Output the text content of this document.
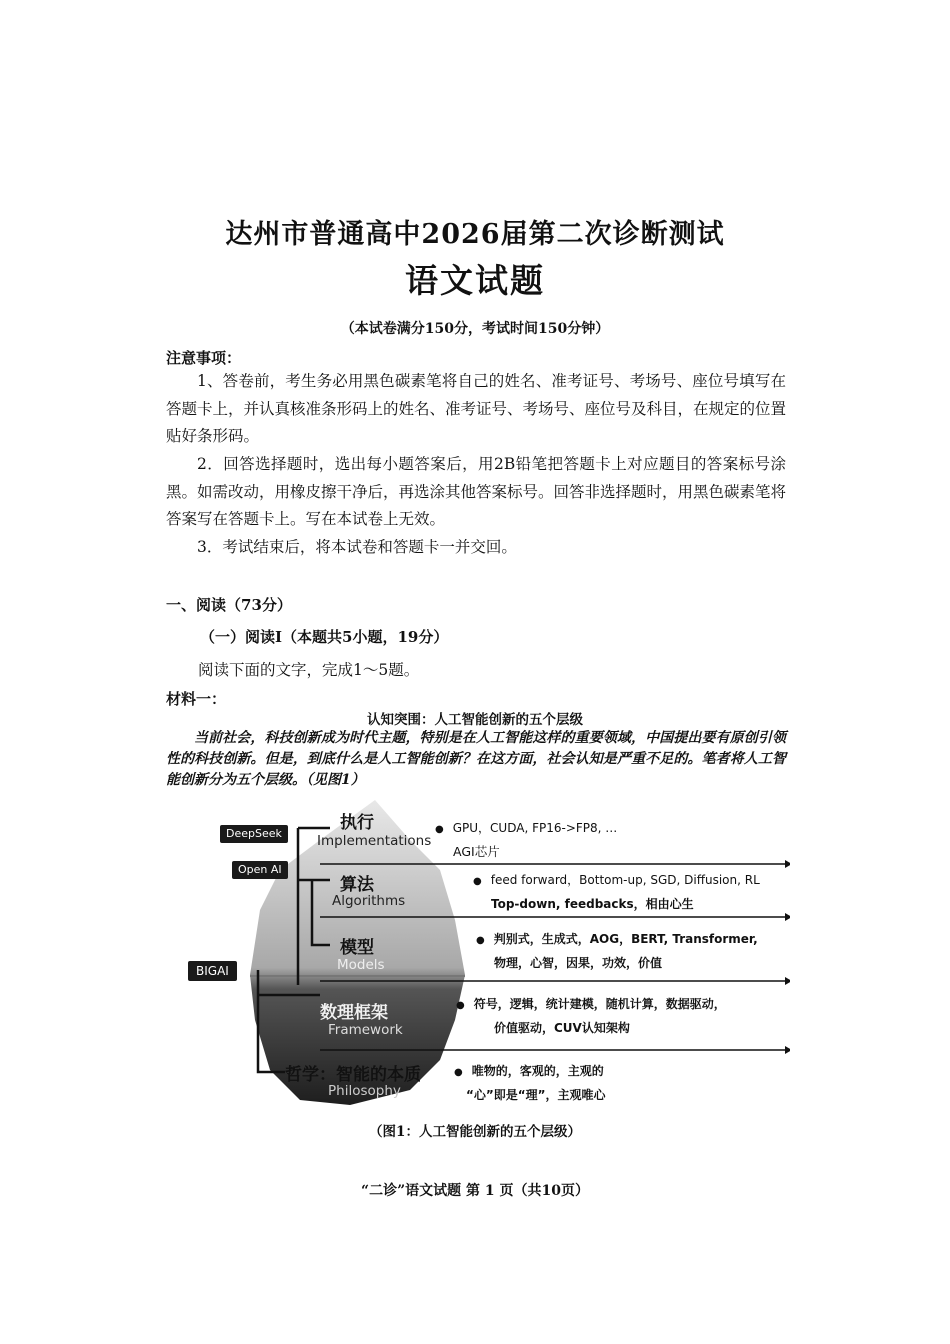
达州市普通高中2026届第二次诊断测试
语文试题
（本试卷满分150分，考试时间150分钟）
注意事项：
1、答卷前，考生务必用黑色碳素笔将自己的姓名、准考证号、考场号、座位号填写在答题卡上，并认真核准条形码上的姓名、准考证号、考场号、座位号及科目，在规定的位置贴好条形码。
2．回答选择题时，选出每小题答案后，用2B铅笔把答题卡上对应题目的答案标号涂黑。如需改动，用橡皮擦干净后，再选涂其他答案标号。回答非选择题时，用黑色碳素笔将答案写在答题卡上。写在本试卷上无效。
3．考试结束后，将本试卷和答题卡一并交回。
一、阅读（73分）
（一）阅读Ⅰ（本题共5小题，19分）
阅读下面的文字，完成1～5题。
材料一：
认知突围：人工智能创新的五个层级
当前社会，科技创新成为时代主题，特别是在人工智能这样的重要领域，中国提出要有原创引领性的科技创新。但是，到底什么是人工智能创新？在这方面，社会认知是严重不足的。笔者将人工智能创新分为五个层级。（见图1）
DeepSeek
Open AI
BIGAI
执行
Implementations
● GPU，CUDA, FP16->FP8, …
AGI芯片
算法
Algorithms
● feed forward，Bottom-up, SGD, Diffusion, RL
Top-down, feedbacks，相由心生
模型
Models
● 判别式，生成式，AOG，BERT, Transformer,
物理，心智，因果，功效，价值
数理框架
Framework
● 符号，逻辑，统计建模，随机计算，数据驱动，
价值驱动，CUV认知架构
哲学：智能的本质
Philosophy
● 唯物的，客观的，主观的
“心”即是“理”，主观唯心
（图1：人工智能创新的五个层级）
“二诊”语文试题 第 1 页（共10页）
